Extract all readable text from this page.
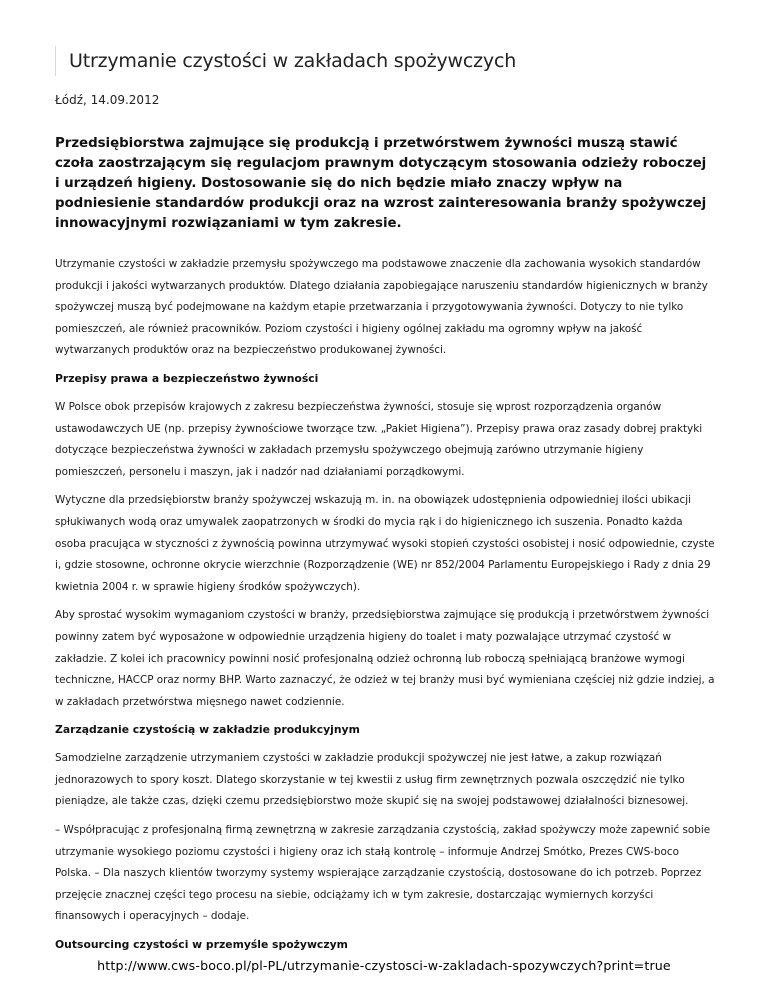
Utrzymanie czystości w zakładach spożywczych
Łódź, 14.09.2012

Przedsiębiorstwa zajmujące się produkcją i przetwórstwem żywności muszą stawić czoła zaostrzającym się regulacjom prawnym dotyczącym stosowania odzieży roboczej i urządzeń higieny. Dostosowanie się do nich będzie miało znaczy wpływ na podniesienie standardów produkcji oraz na wzrost zainteresowania branży spożywczej innowacyjnymi rozwiązaniami w tym zakresie.

Utrzymanie czystości w zakładzie przemysłu spożywczego ma podstawowe znaczenie dla zachowania wysokich standardów produkcji i jakości wytwarzanych produktów. Dlatego działania zapobiegające naruszeniu standardów higienicznych w branży spożywczej muszą być podejmowane na każdym etapie przetwarzania i przygotowywania żywności. Dotyczy to nie tylko pomieszczeń, ale również pracowników. Poziom czystości i higieny ogólnej zakładu ma ogromny wpływ na jakość wytwarzanych produktów oraz na bezpieczeństwo produkowanej żywności.

Przepisy prawa a bezpieczeństwo żywności

W Polsce obok przepisów krajowych z zakresu bezpieczeństwa żywności, stosuje się wprost rozporządzenia organów ustawodawczych UE (np. przepisy żywnościowe tworzące tzw. „Pakiet Higiena”). Przepisy prawa oraz zasady dobrej praktyki dotyczące bezpieczeństwa żywności w zakładach przemysłu spożywczego obejmują zarówno utrzymanie higieny pomieszczeń, personelu i maszyn, jak i nadzór nad działaniami porządkowymi.

Wytyczne dla przedsiębiorstw branży spożywczej wskazują m. in. na obowiązek udostępnienia odpowiedniej ilości ubikacji spłukiwanych wodą oraz umywalek zaopatrzonych w środki do mycia rąk i do higienicznego ich suszenia. Ponadto każda osoba pracująca w styczności z żywnością powinna utrzymywać wysoki stopień czystości osobistej i nosić odpowiednie, czyste i, gdzie stosowne, ochronne okrycie wierzchnie (Rozporządzenie (WE) nr 852/2004 Parlamentu Europejskiego i Rady z dnia 29 kwietnia 2004 r. w sprawie higieny środków spożywczych).

Aby sprostać wysokim wymaganiom czystości w branży, przedsiębiorstwa zajmujące się produkcją i przetwórstwem żywności powinny zatem być wyposażone w odpowiednie urządzenia higieny do toalet i maty pozwalające utrzymać czystość w zakładzie. Z kolei ich pracownicy powinni nosić profesjonalną odzież ochronną lub roboczą spełniającą branżowe wymogi techniczne, HACCP oraz normy BHP. Warto zaznaczyć, że odzież w tej branży musi być wymieniana częściej niż gdzie indziej, a w zakładach przetwórstwa mięsnego nawet codziennie.

Zarządzanie czystością w zakładzie produkcyjnym

Samodzielne zarządzenie utrzymaniem czystości w zakładzie produkcji spożywczej nie jest łatwe, a zakup rozwiązań jednorazowych to spory koszt. Dlatego skorzystanie w tej kwestii z usług firm zewnętrznych pozwala oszczędzić nie tylko pieniądze, ale także czas, dzięki czemu przedsiębiorstwo może skupić się na swojej podstawowej działalności biznesowej.

– Współpracując z profesjonalną firmą zewnętrzną w zakresie zarządzania czystością, zakład spożywczy może zapewnić sobie utrzymanie wysokiego poziomu czystości i higieny oraz ich stałą kontrolę – informuje Andrzej Smótko, Prezes CWS-boco Polska. – Dla naszych klientów tworzymy systemy wspierające zarządzanie czystością, dostosowane do ich potrzeb. Poprzez przejęcie znacznej części tego procesu na siebie, odciążamy ich w tym zakresie, dostarczając wymiernych korzyści finansowych i operacyjnych – dodaje.

Outsourcing czystości w przemyśle spożywczym
http://www.cws-boco.pl/pl-PL/utrzymanie-czystosci-w-zakladach-spozywczych?print=true
